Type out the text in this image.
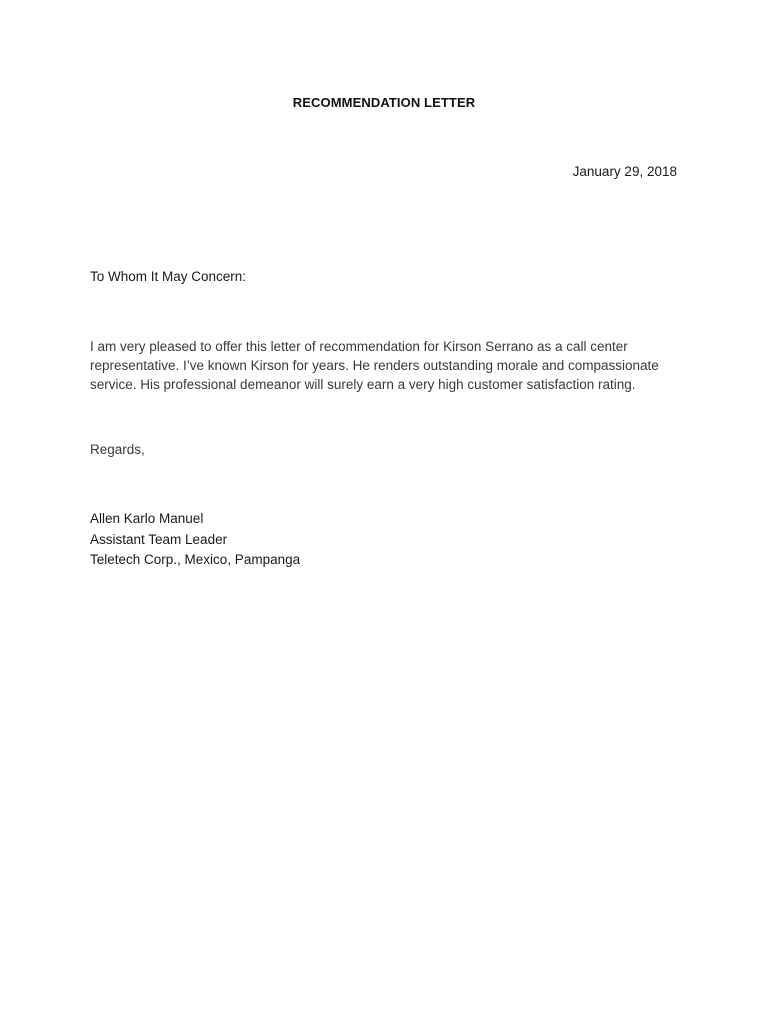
RECOMMENDATION LETTER
January 29, 2018
To Whom It May Concern:
I am very pleased to offer this letter of recommendation for Kirson Serrano as a call center representative. I’ve known Kirson for years. He renders outstanding morale and compassionate service. His professional demeanor will surely earn a very high customer satisfaction rating.
Regards,
Allen Karlo Manuel
Assistant Team Leader
Teletech Corp., Mexico, Pampanga
